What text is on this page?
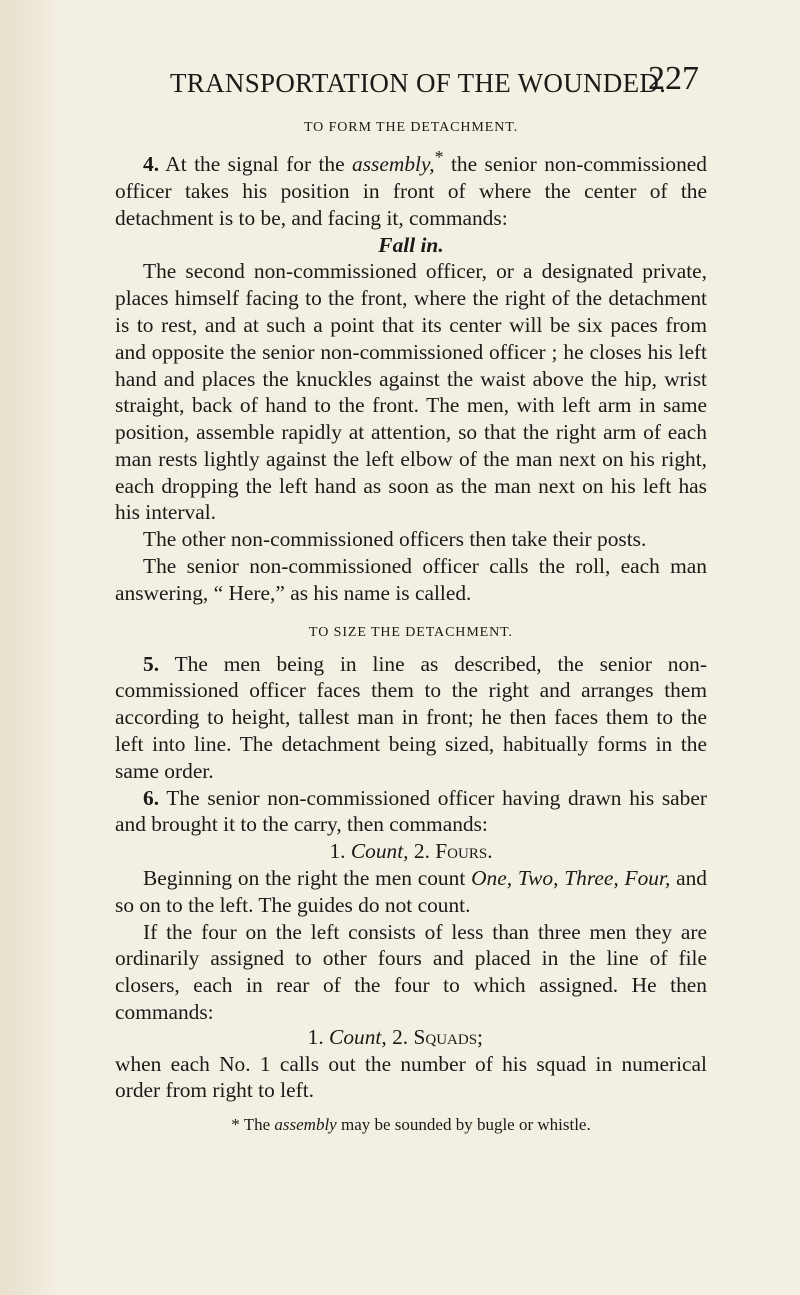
TRANSPORTATION OF THE WOUNDED.
227
TO FORM THE DETACHMENT.

4. At the signal for the assembly,* the senior non-commissioned officer takes his position in front of where the center of the detachment is to be, and facing it, commands:

Fall in.

The second non-commissioned officer, or a designated private, places himself facing to the front, where the right of the detachment is to rest, and at such a point that its center will be six paces from and opposite the senior non-commissioned officer ; he closes his left hand and places the knuckles against the waist above the hip, wrist straight, back of hand to the front. The men, with left arm in same position, assemble rapidly at attention, so that the right arm of each man rests lightly against the left elbow of the man next on his right, each dropping the left hand as soon as the man next on his left has his interval.

The other non-commissioned officers then take their posts.

The senior non-commissioned officer calls the roll, each man answering, “ Here,” as his name is called.

TO SIZE THE DETACHMENT.

5. The men being in line as described, the senior non-commissioned officer faces them to the right and arranges them according to height, tallest man in front; he then faces them to the left into line. The detachment being sized, habitually forms in the same order.

6. The senior non-commissioned officer having drawn his saber and brought it to the carry, then commands:

1. Count, 2. Fours.

Beginning on the right the men count One, Two, Three, Four, and so on to the left. The guides do not count.

If the four on the left consists of less than three men they are ordinarily assigned to other fours and placed in the line of file closers, each in rear of the four to which assigned. He then commands:

1. Count, 2. Squads;

when each No. 1 calls out the number of his squad in numerical order from right to left.

* The assembly may be sounded by bugle or whistle.
